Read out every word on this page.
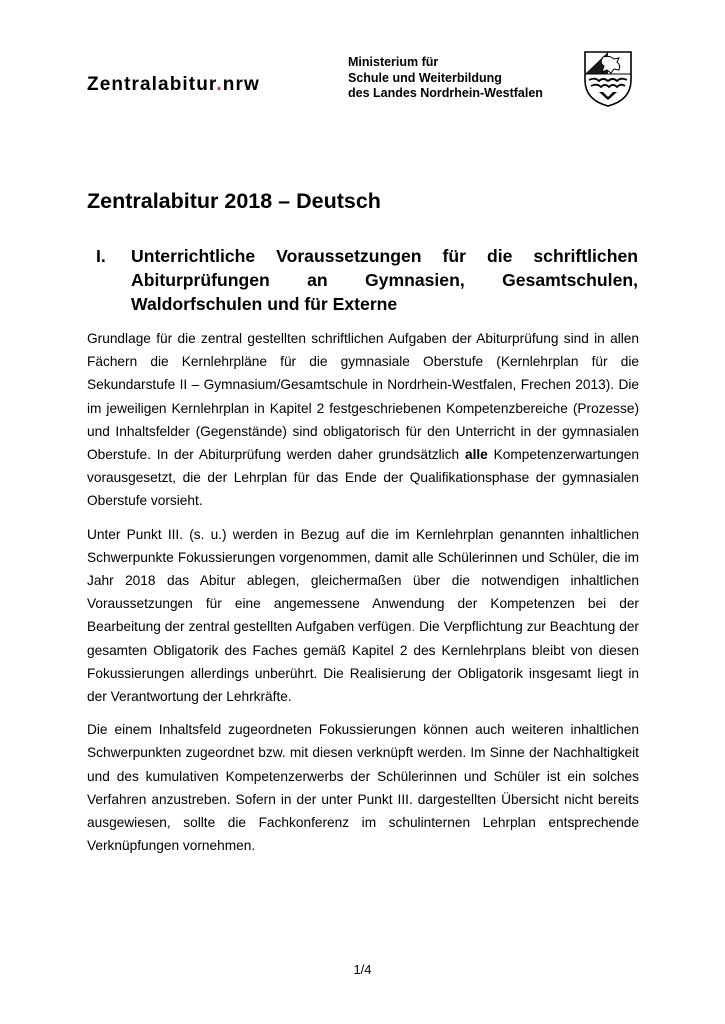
Zentralabitur.nrw
Ministerium für
Schule und Weiterbildung
des Landes Nordrhein-Westfalen
Zentralabitur 2018 – Deutsch
I. Unterrichtliche Voraussetzungen für die schriftlichen Abiturprüfungen an Gymnasien, Gesamtschulen, Waldorfschulen und für Externe

Grundlage für die zentral gestellten schriftlichen Aufgaben der Abiturprüfung sind in allen Fächern die Kernlehrpläne für die gymnasiale Oberstufe (Kernlehrplan für die Sekundarstufe II – Gymnasium/Gesamtschule in Nordrhein-Westfalen, Frechen 2013). Die im jeweiligen Kernlehrplan in Kapitel 2 festgeschriebenen Kompetenzbereiche (Prozesse) und Inhaltsfelder (Gegenstände) sind obligatorisch für den Unterricht in der gymnasialen Oberstufe. In der Abiturprüfung werden daher grundsätzlich alle Kompetenzerwartungen vorausgesetzt, die der Lehrplan für das Ende der Qualifikationsphase der gymnasialen Oberstufe vorsieht.

Unter Punkt III. (s. u.) werden in Bezug auf die im Kernlehrplan genannten inhaltlichen Schwerpunkte Fokussierungen vorgenommen, damit alle Schülerinnen und Schüler, die im Jahr 2018 das Abitur ablegen, gleichermaßen über die notwendigen inhaltlichen Voraussetzungen für eine angemessene Anwendung der Kompetenzen bei der Bearbeitung der zentral gestellten Aufgaben verfügen. Die Verpflichtung zur Beachtung der gesamten Obligatorik des Faches gemäß Kapitel 2 des Kernlehrplans bleibt von diesen Fokussierungen allerdings unberührt. Die Realisierung der Obligatorik insgesamt liegt in der Verantwortung der Lehrkräfte.

Die einem Inhaltsfeld zugeordneten Fokussierungen können auch weiteren inhaltlichen Schwerpunkten zugeordnet bzw. mit diesen verknüpft werden. Im Sinne der Nachhaltigkeit und des kumulativen Kompetenzerwerbs der Schülerinnen und Schüler ist ein solches Verfahren anzustreben. Sofern in der unter Punkt III. dargestellten Übersicht nicht bereits ausgewiesen, sollte die Fachkonferenz im schulinternen Lehrplan entsprechende Verknüpfungen vornehmen.

1/4
